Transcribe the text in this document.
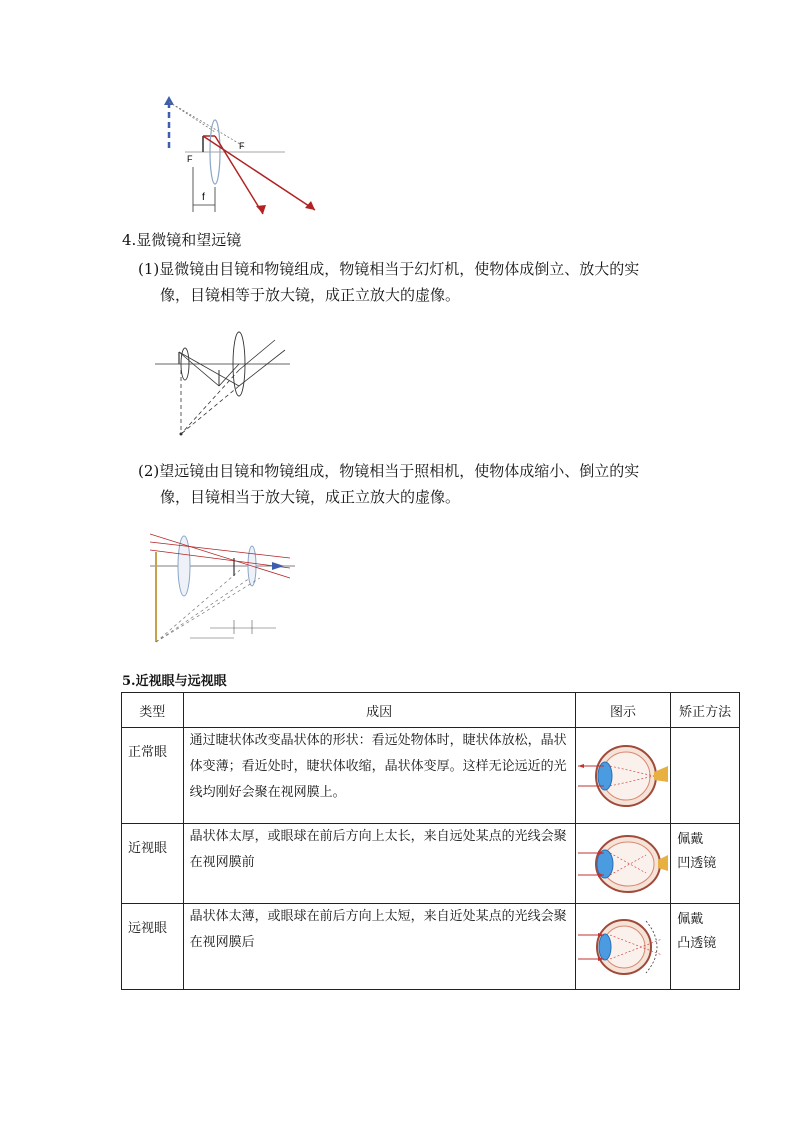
F
F
f
4.显微镜和望远镜
(1)显微镜由目镜和物镜组成，物镜相当于幻灯机，使物体成倒立、放大的实
像，目镜相等于放大镜，成正立放大的虚像。
(2)望远镜由目镜和物镜组成，物镜相当于照相机，使物体成缩小、倒立的实
像，目镜相当于放大镜，成正立放大的虚像。
5.近视眼与远视眼
类型	成因	图示	矫正方法
正常眼	通过睫状体改变晶状体的形状：看远处物体时，睫状体放松，晶状体变薄；看近处时，睫状体收缩，晶状体变厚。这样无论远近的光线均刚好会聚在视网膜上。	

近视眼	晶状体太厚，或眼球在前后方向上太长，来自远处某点的光线会聚在视网膜前		佩戴
凹透镜

远视眼	晶状体太薄，或眼球在前后方向上太短，来自近处某点的光线会聚在视网膜后		佩戴
凸透镜
